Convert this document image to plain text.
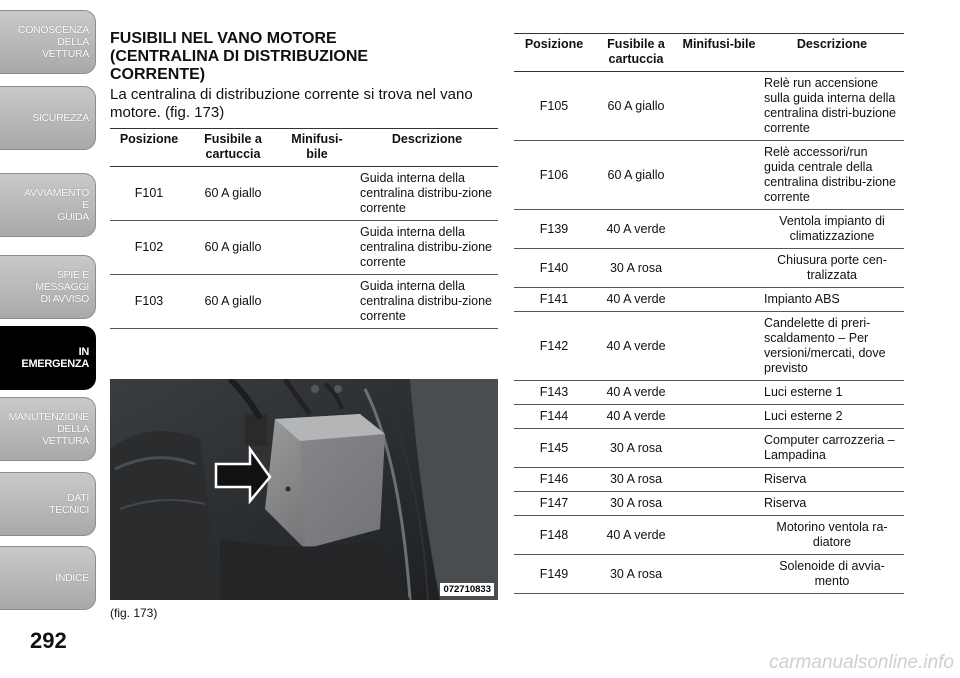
CONOSCENZA
DELLA
VETTURA
SICUREZZA
AVVIAMENTO
E
GUIDA
SPIE E
MESSAGGI
DI AVVISO
IN
EMERGENZA
MANUTENZIONE
DELLA
VETTURA
DATI
TECNICI
INDICE
292
FUSIBILI NEL VANO MOTORE
(CENTRALINA DI DISTRIBUZIONE
CORRENTE)

La centralina di distribuzione corrente si trova nel vano motore. (fig. 173)

Posizione	Fusibile a cartuccia	Minifusi-bile	Descrizione
F101	60 A giallo		Guida interna della centralina distribu-zione corrente
F102	60 A giallo		Guida interna della centralina distribu-zione corrente
F103	60 A giallo		Guida interna della centralina distribu-zione corrente
072710833
(fig. 173)
Posizione	Fusibile a cartuccia	Minifusi-bile	Descrizione
F105	60 A giallo		Relè run accensione sulla guida interna della centralina distri-buzione corrente
F106	60 A giallo		Relè accessori/run guida centrale della centralina distribu-zione corrente
F139	40 A verde		Ventola impianto di climatizzazione
F140	30 A rosa		Chiusura porte cen-tralizzata
F141	40 A verde		Impianto ABS
F142	40 A verde		Candelette di preri-scaldamento – Per versioni/mercati, dove previsto
F143	40 A verde		Luci esterne 1
F144	40 A verde		Luci esterne 2
F145	30 A rosa		Computer carrozzeria – Lampadina
F146	30 A rosa		Riserva
F147	30 A rosa		Riserva
F148	40 A verde		Motorino ventola ra-diatore
F149	30 A rosa		Solenoide di avvia-mento
carmanualsonline.info
